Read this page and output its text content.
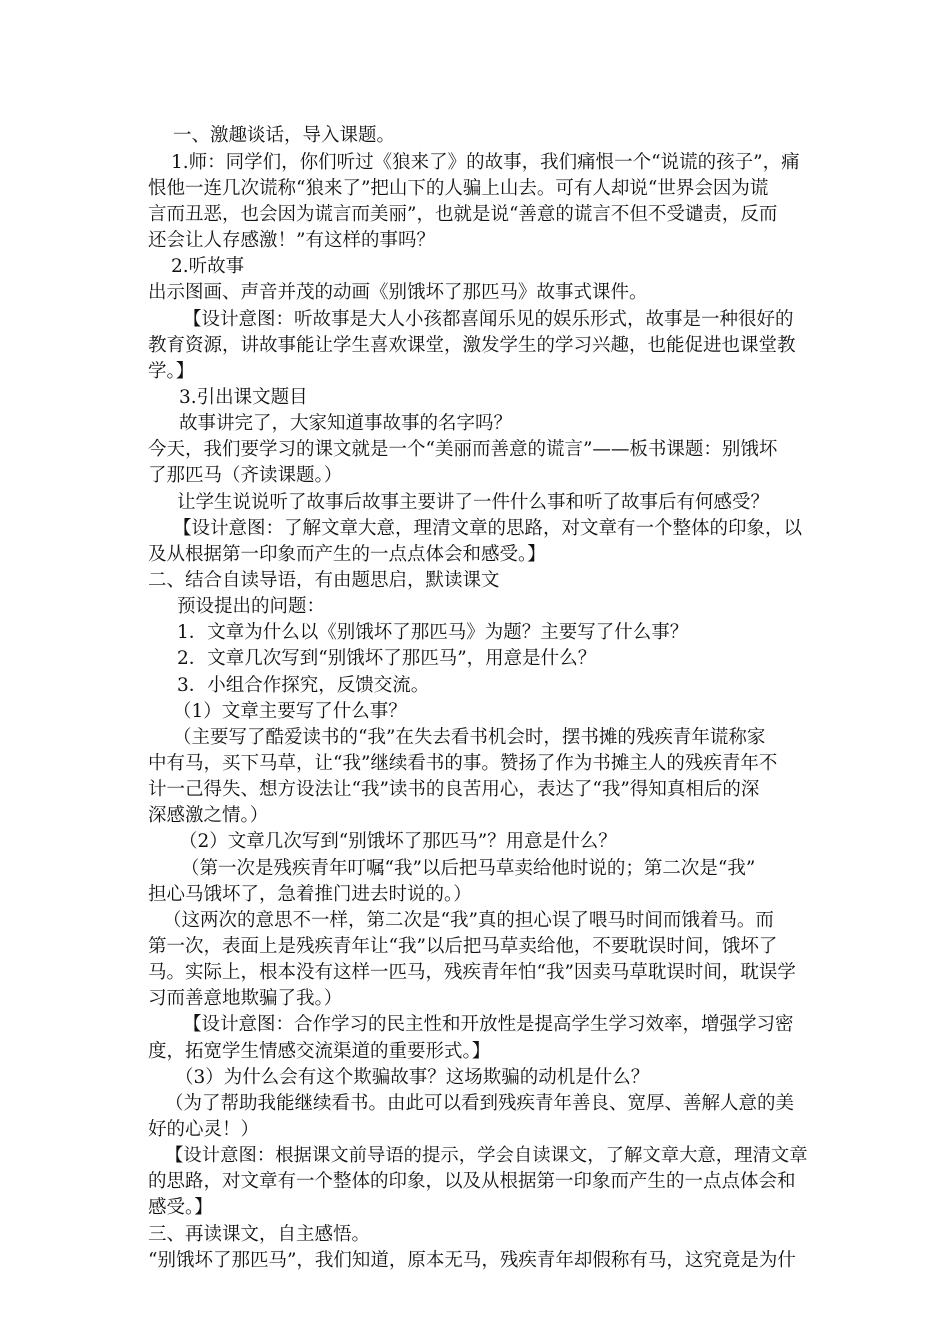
一、激趣谈话，导入课题。
1.师：同学们，你们听过《狼来了》的故事，我们痛恨一个“说谎的孩子”，痛
恨他一连几次谎称“狼来了”把山下的人骗上山去。可有人却说“世界会因为谎
言而丑恶，也会因为谎言而美丽”，也就是说“善意的谎言不但不受谴责，反而
还会让人存感激！”有这样的事吗？
2.听故事
出示图画、声音并茂的动画《别饿坏了那匹马》故事式课件。
【设计意图：听故事是大人小孩都喜闻乐见的娱乐形式，故事是一种很好的
教育资源，讲故事能让学生喜欢课堂，激发学生的学习兴趣，也能促进也课堂教
学。】
3.引出课文题目
故事讲完了，大家知道事故事的名字吗？
今天，我们要学习的课文就是一个“美丽而善意的谎言”——板书课题：别饿坏
了那匹马（齐读课题。）
让学生说说听了故事后故事主要讲了一件什么事和听了故事后有何感受？
【设计意图：了解文章大意，理清文章的思路，对文章有一个整体的印象，以
及从根据第一印象而产生的一点点体会和感受。】
二、结合自读导语，有由题思启，默读课文
预设提出的问题：
1．文章为什么以《别饿坏了那匹马》为题？主要写了什么事？
2．文章几次写到“别饿坏了那匹马”，用意是什么？
3．小组合作探究，反馈交流。
（1）文章主要写了什么事？
（主要写了酷爱读书的“我”在失去看书机会时，摆书摊的残疾青年谎称家
中有马，买下马草，让“我”继续看书的事。赞扬了作为书摊主人的残疾青年不
计一己得失、想方设法让“我”读书的良苦用心，表达了“我”得知真相后的深
深感激之情。）
（2）文章几次写到“别饿坏了那匹马”？用意是什么？
（第一次是残疾青年叮嘱“我”以后把马草卖给他时说的；第二次是“我”
担心马饿坏了，急着推门进去时说的。）
（这两次的意思不一样，第二次是“我”真的担心误了喂马时间而饿着马。而
第一次，表面上是残疾青年让“我”以后把马草卖给他，不要耽误时间，饿坏了
马。实际上，根本没有这样一匹马，残疾青年怕“我”因卖马草耽误时间，耽误学
习而善意地欺骗了我。）
【设计意图：合作学习的民主性和开放性是提高学生学习效率，增强学习密
度，拓宽学生情感交流渠道的重要形式。】
（3）为什么会有这个欺骗故事？这场欺骗的动机是什么？
（为了帮助我能继续看书。由此可以看到残疾青年善良、宽厚、善解人意的美
好的心灵！）
【设计意图：根据课文前导语的提示，学会自读课文，了解文章大意，理清文章
的思路，对文章有一个整体的印象，以及从根据第一印象而产生的一点点体会和
感受。】
三、再读课文，自主感悟。
“别饿坏了那匹马”，我们知道，原本无马，残疾青年却假称有马，这究竟是为什
